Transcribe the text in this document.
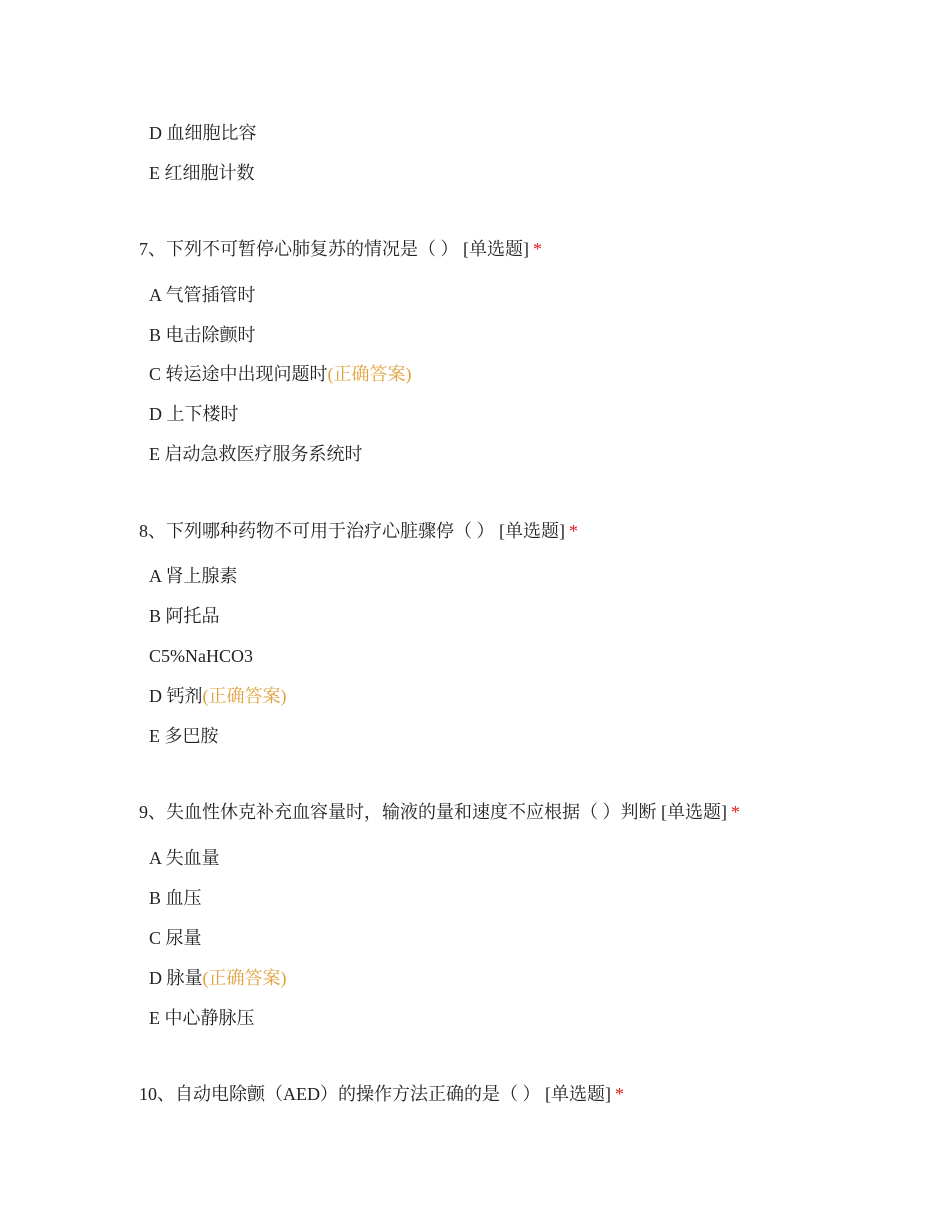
D 血细胞比容
E 红细胞计数
7、下列不可暂停心肺复苏的情况是（ ） [单选题] *
A 气管插管时
B 电击除颤时
C 转运途中出现问题时(正确答案)
D 上下楼时
E 启动急救医疗服务系统时
8、下列哪种药物不可用于治疗心脏骤停（ ） [单选题] *
A 肾上腺素
B 阿托品
C5%NaHCO3
D 钙剂(正确答案)
E 多巴胺
9、失血性休克补充血容量时，输液的量和速度不应根据（ ）判断 [单选题] *
A 失血量
B 血压
C 尿量
D 脉量(正确答案)
E 中心静脉压
10、自动电除颤（AED）的操作方法正确的是（ ） [单选题] *
